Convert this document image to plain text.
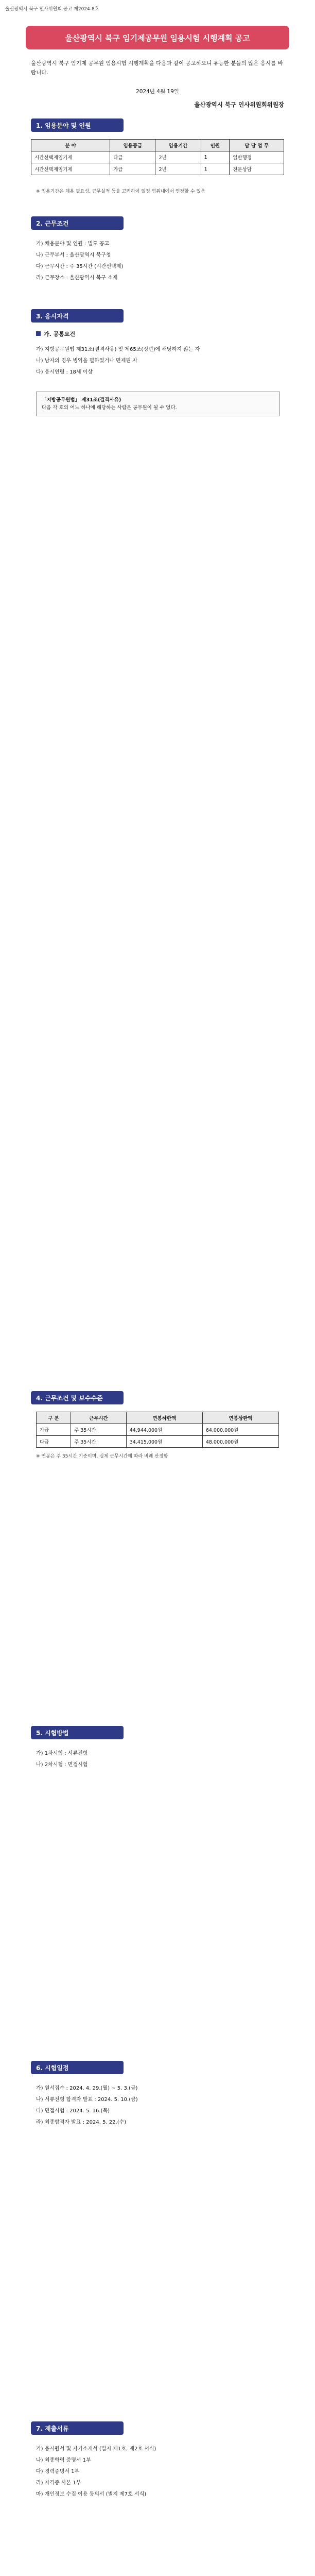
울산광역시 북구 인사위원회 공고 제2024-8호
울산광역시 북구 임기제공무원 임용시험 시행계획 공고
울산광역시 북구 임기제 공무원 임용시험 시행계획을 다음과 같이 공고하오니 유능한 분들의 많은 응시를 바랍니다.
2024년 4월 19일
울산광역시 북구 인사위원회위원장
1. 임용분야 및 인원
분 야	임용등급	임용기간	인원	담 당 업 무
시간선택제임기제	다급	2년	1	일반행정
시간선택제임기제	가급	2년	1	전문상담
※ 임용기간은 채용 필요성, 근무실적 등을 고려하여 일정 범위내에서 연장할 수 있음
2. 근무조건
가) 채용분야 및 인원 : 별도 공고
나) 근무부서 : 울산광역시 북구청
다) 근무시간 : 주 35시간 (시간선택제)
라) 근무장소 : 울산광역시 북구 소재
3. 응시자격
가. 공통요건
가) 지방공무원법 제31조(결격사유) 및 제65조(정년)에 해당하지 않는 자
나) 남자의 경우 병역을 필하였거나 면제된 자
다) 응시연령 : 18세 이상
「지방공무원법」 제31조(결격사유)
다음 각 호의 어느 하나에 해당하는 사람은 공무원이 될 수 없다.
4. 근무조건 및 보수수준
구 분	근무시간	연봉하한액	연봉상한액
가급	주 35시간	44,944,000원	64,000,000원
다급	주 35시간	34,415,000원	48,000,000원
※ 연봉은 주 35시간 기준이며, 실제 근무시간에 따라 비례 산정함
5. 시험방법
가) 1차시험 : 서류전형
나) 2차시험 : 면접시험
6. 시험일정
가) 원서접수 : 2024. 4. 29.(월) ~ 5. 3.(금)
나) 서류전형 합격자 발표 : 2024. 5. 10.(금)
다) 면접시험 : 2024. 5. 16.(목)
라) 최종합격자 발표 : 2024. 5. 22.(수)
7. 제출서류
가) 응시원서 및 자기소개서 (별지 제1호, 제2호 서식)
나) 최종학력 증명서 1부
다) 경력증명서 1부
라) 자격증 사본 1부
마) 개인정보 수집·이용 동의서 (별지 제7호 서식)
